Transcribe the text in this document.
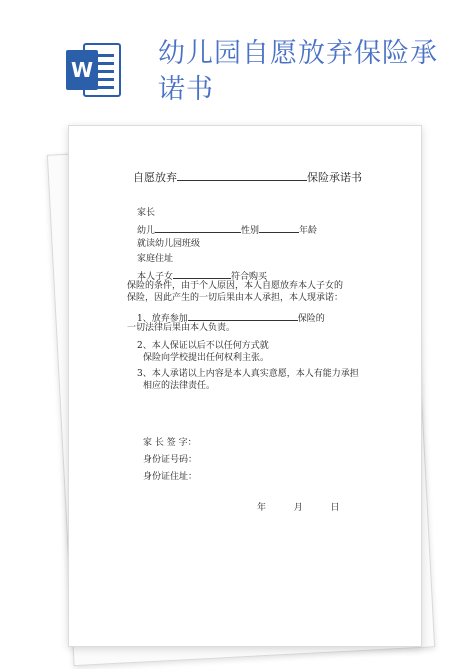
W
幼儿园自愿放弃保险承诺书
​
自愿放弃	保险承诺书
家长
幼儿	性别	年龄
就读幼儿园班级
家庭住址
本人子女	符合购买
保险的条件，由于个人原因，本人自愿放弃本人子女的
保险，因此产生的一切后果由本人承担，本人现承诺：
1、放弃参加	保险的
一切法律后果由本人负责。
2、本人保证以后不以任何方式就
保险向学校提出任何权利主张。
3、本人承诺以上内容是本人真实意愿，本人有能力承担
相应的法律责任。
家 长 签 字：
身份证号码：
身份证住址：
年	月	日
